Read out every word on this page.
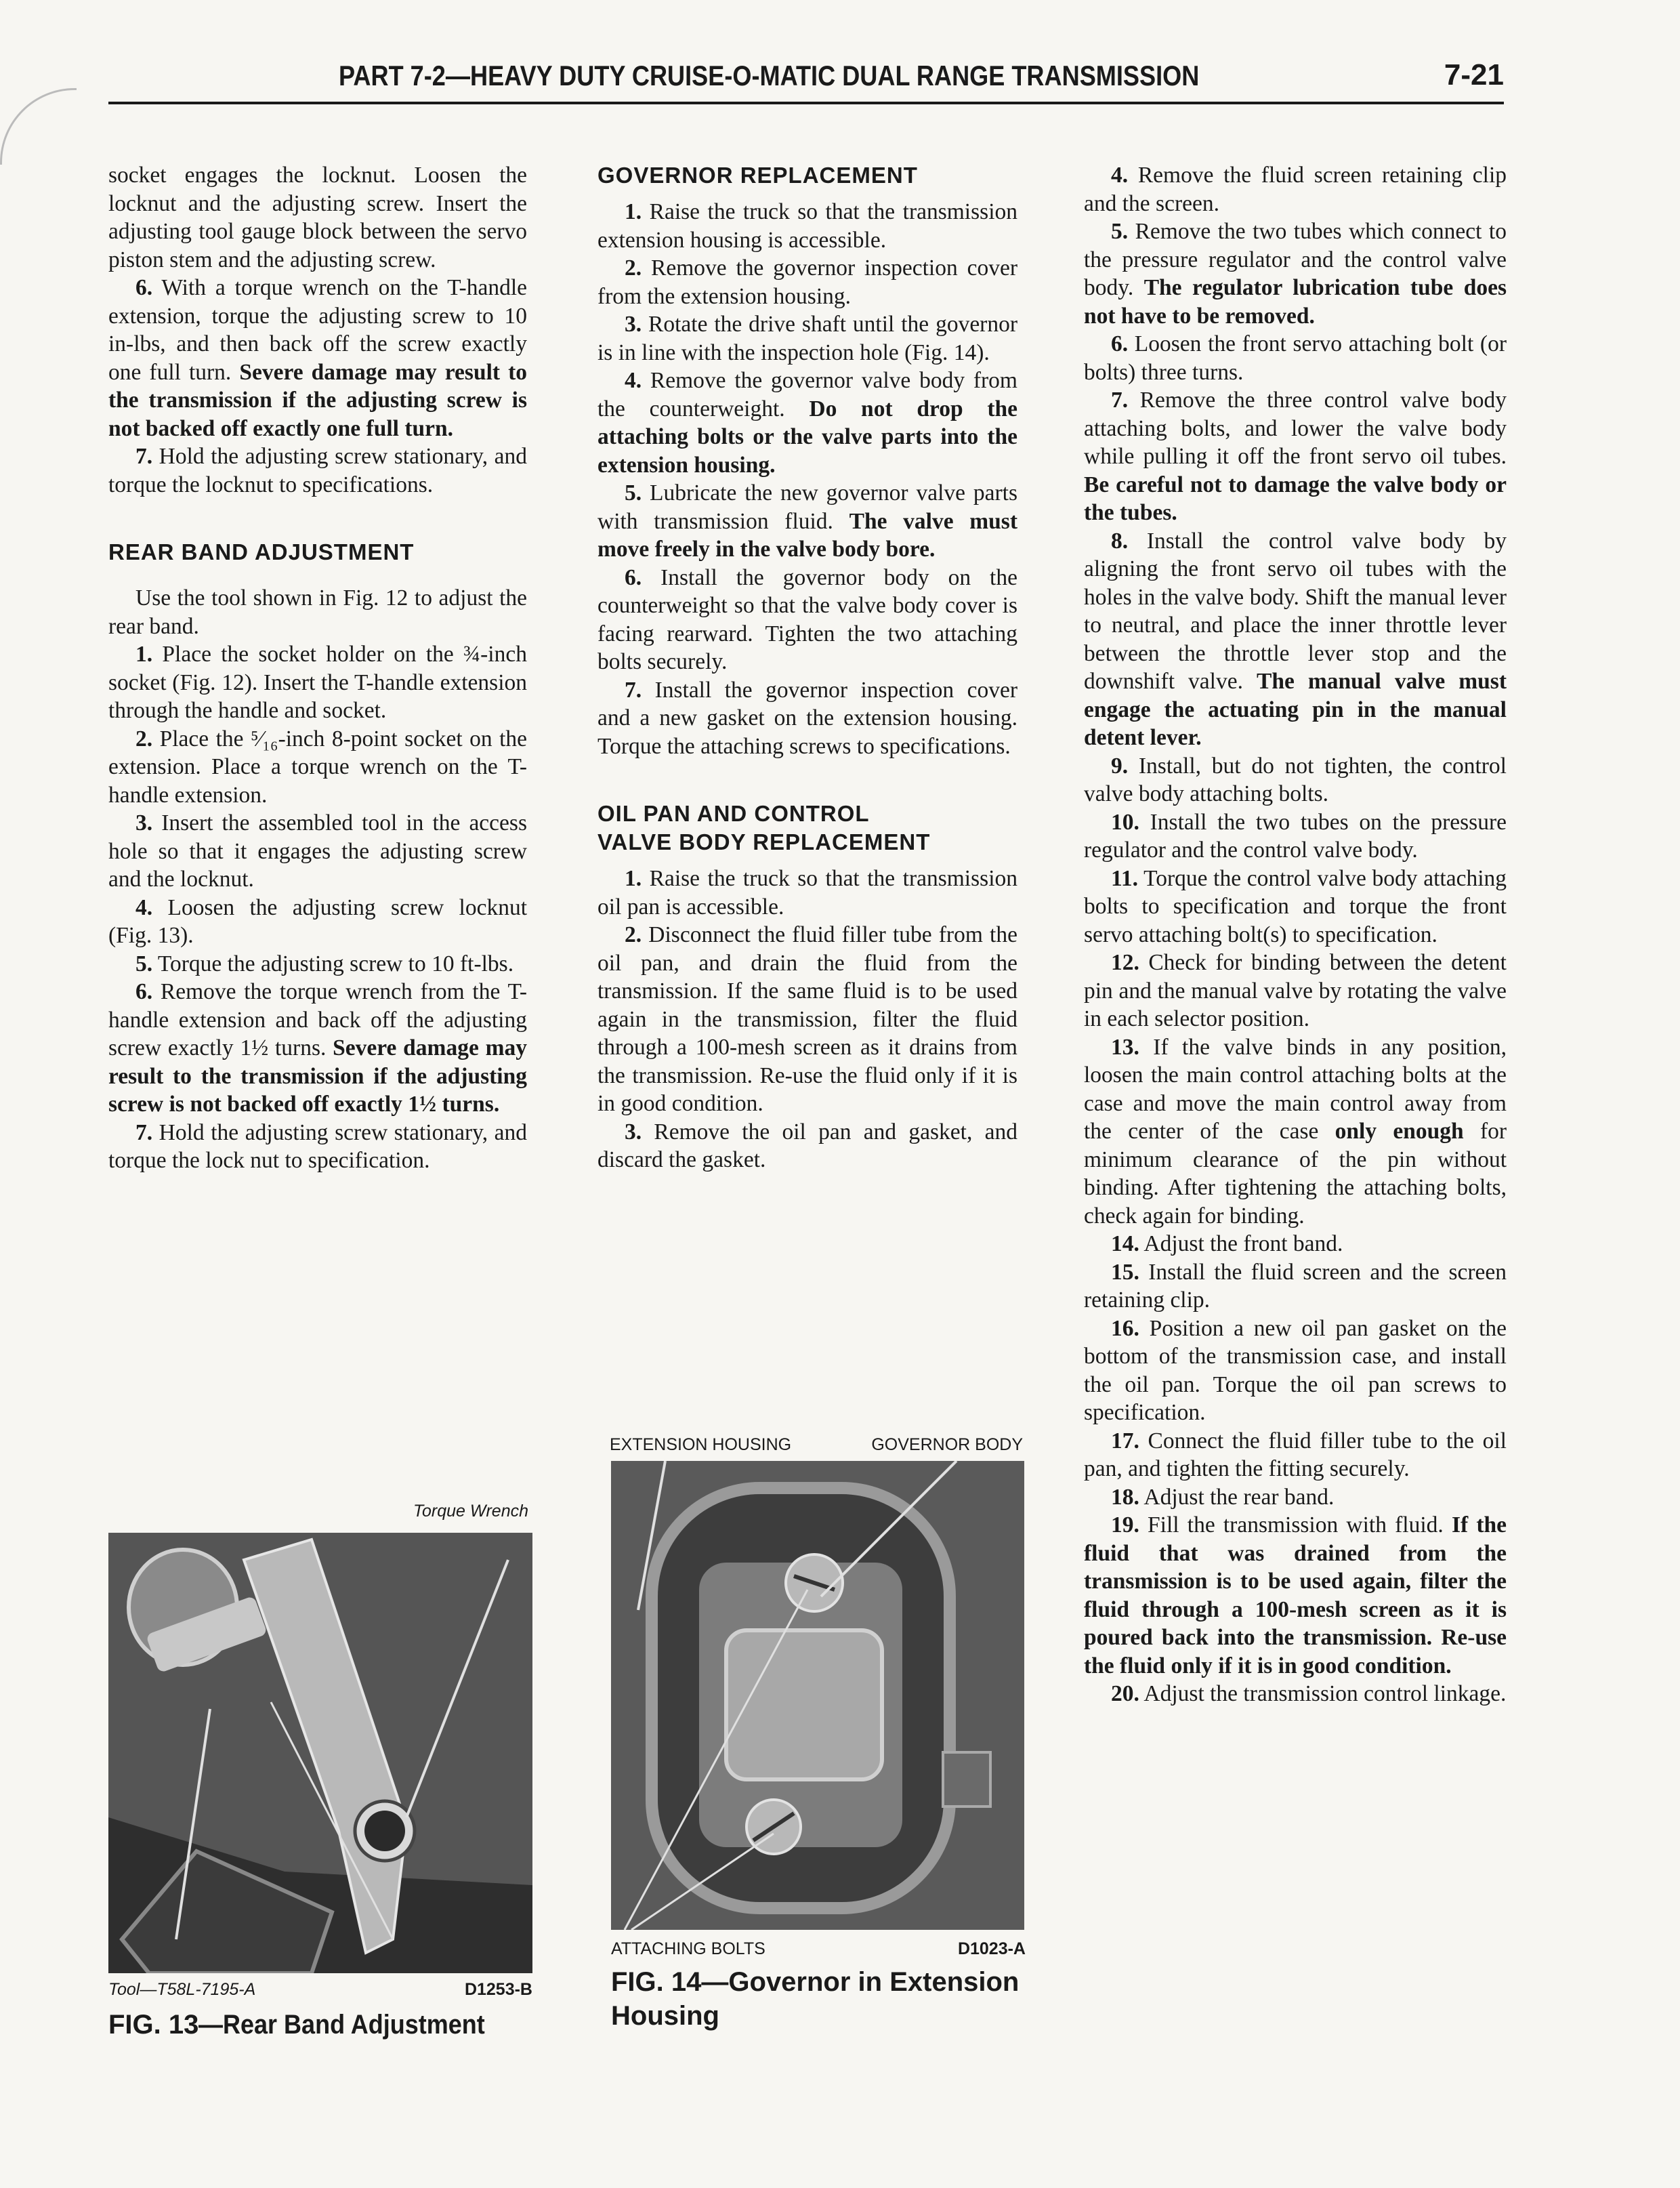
PART 7-2—HEAVY DUTY CRUISE-O-MATIC DUAL RANGE TRANSMISSION	7-21

socket engages the locknut. Loosen the locknut and the adjusting screw. Insert the adjusting tool gauge block between the servo piston stem and the adjusting screw.

6. With a torque wrench on the T-handle extension, torque the adjusting screw to 10 in-lbs, and then back off the screw exactly one full turn. Severe damage may result to the transmission if the adjusting screw is not backed off exactly one full turn.

7. Hold the adjusting screw stationary, and torque the locknut to specifications.

REAR BAND ADJUSTMENT

Use the tool shown in Fig. 12 to adjust the rear band.

1. Place the socket holder on the ¾-inch socket (Fig. 12). Insert the T-handle extension through the handle and socket.

2. Place the ⁵⁄₁₆-inch 8-point socket on the extension. Place a torque wrench on the T-handle extension.

3. Insert the assembled tool in the access hole so that it engages the adjusting screw and the locknut.

4. Loosen the adjusting screw locknut (Fig. 13).

5. Torque the adjusting screw to 10 ft-lbs.

6. Remove the torque wrench from the T-handle extension and back off the adjusting screw exactly 1½ turns. Severe damage may result to the transmission if the adjusting screw is not backed off exactly 1½ turns.

7. Hold the adjusting screw stationary, and torque the lock nut to specification.

GOVERNOR REPLACEMENT

1. Raise the truck so that the transmission extension housing is accessible.

2. Remove the governor inspection cover from the extension housing.

3. Rotate the drive shaft until the governor is in line with the inspection hole (Fig. 14).

4. Remove the governor valve body from the counterweight. Do not drop the attaching bolts or the valve parts into the extension housing.

5. Lubricate the new governor valve parts with transmission fluid. The valve must move freely in the valve body bore.

6. Install the governor body on the counterweight so that the valve body cover is facing rearward. Tighten the two attaching bolts securely.

7. Install the governor inspection cover and a new gasket on the extension housing. Torque the attaching screws to specifications.

OIL PAN AND CONTROL
VALVE BODY REPLACEMENT

1. Raise the truck so that the transmission oil pan is accessible.

2. Disconnect the fluid filler tube from the oil pan, and drain the fluid from the transmission. If the same fluid is to be used again in the transmission, filter the fluid through a 100-mesh screen as it drains from the transmission. Re-use the fluid only if it is in good condition.

3. Remove the oil pan and gasket, and discard the gasket.

4. Remove the fluid screen retaining clip and the screen.

5. Remove the two tubes which connect to the pressure regulator and the control valve body. The regulator lubrication tube does not have to be removed.

6. Loosen the front servo attaching bolt (or bolts) three turns.

7. Remove the three control valve body attaching bolts, and lower the valve body while pulling it off the front servo oil tubes. Be careful not to damage the valve body or the tubes.

8. Install the control valve body by aligning the front servo oil tubes with the holes in the valve body. Shift the manual lever to neutral, and place the inner throttle lever between the throttle lever stop and the downshift valve. The manual valve must engage the actuating pin in the manual detent lever.

9. Install, but do not tighten, the control valve body attaching bolts.

10. Install the two tubes on the pressure regulator and the control valve body.

11. Torque the control valve body attaching bolts to specification and torque the front servo attaching bolt(s) to specification.

12. Check for binding between the detent pin and the manual valve by rotating the valve in each selector position.

13. If the valve binds in any position, loosen the main control attaching bolts at the case and move the main control away from the center of the case only enough for minimum clearance of the pin without binding. After tightening the attaching bolts, check again for binding.

14. Adjust the front band.

15. Install the fluid screen and the screen retaining clip.

16. Position a new oil pan gasket on the bottom of the transmission case, and install the oil pan. Torque the oil pan screws to specification.

17. Connect the fluid filler tube to the oil pan, and tighten the fitting securely.

18. Adjust the rear band.

19. Fill the transmission with fluid. If the fluid that was drained from the transmission is to be used again, filter the fluid through a 100-mesh screen as it is poured back into the transmission. Re-use the fluid only if it is in good condition.

20. Adjust the transmission control linkage.

Torque Wrench
Tool—T58L-7195-A	D1253-B
FIG. 13—Rear Band Adjustment
EXTENSION HOUSING	GOVERNOR BODY
ATTACHING BOLTS	D1023-A
FIG. 14—Governor in Extension
Housing
